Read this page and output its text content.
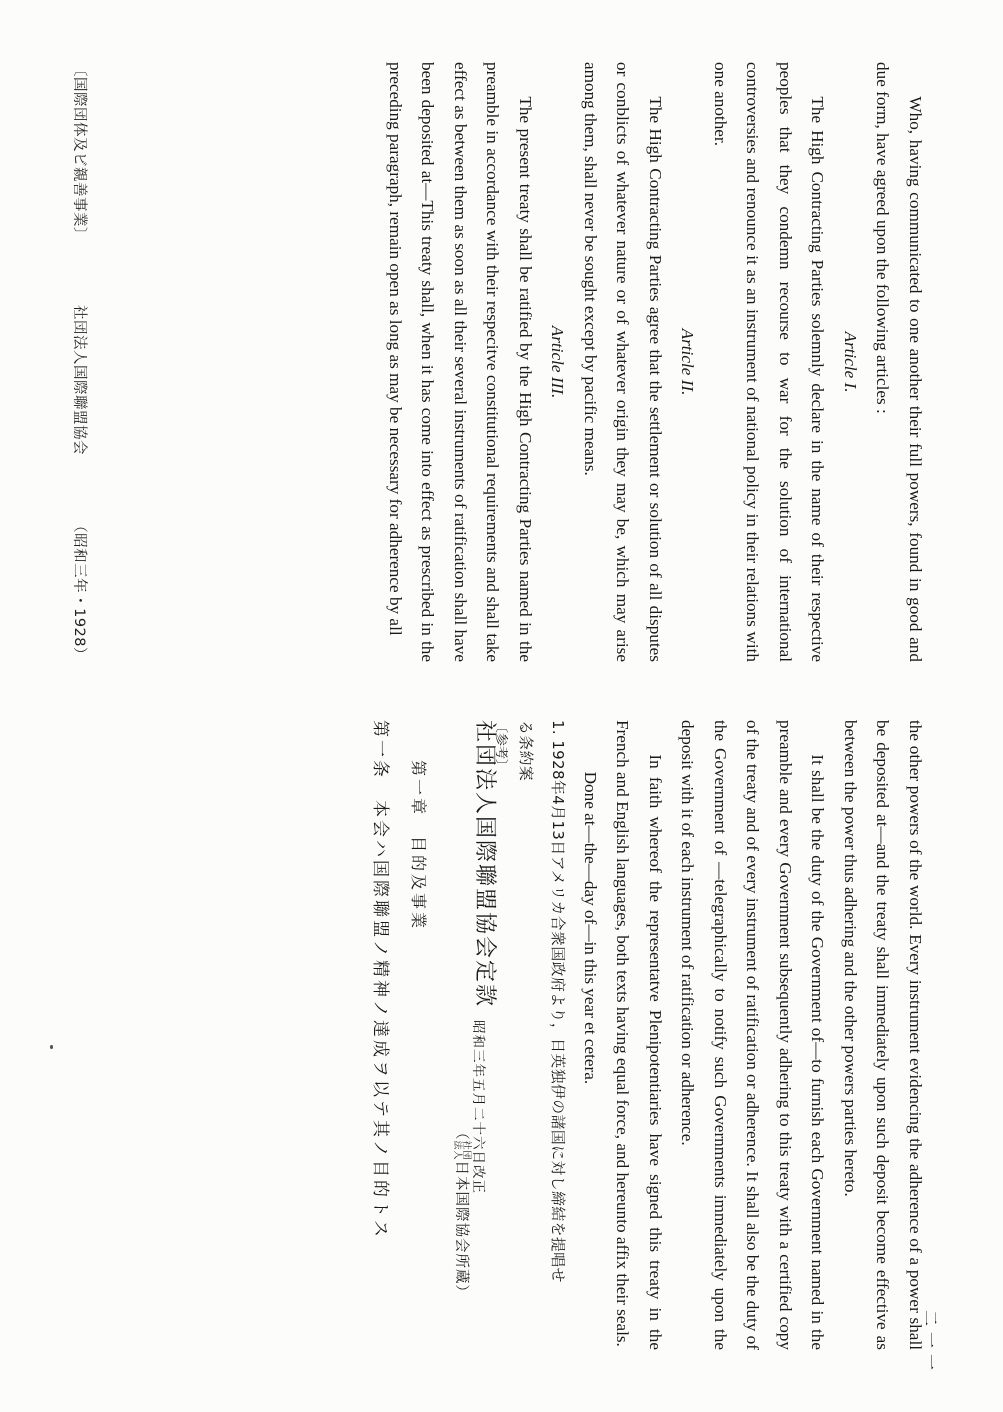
Who, having communicated to one another their full powers, found in good and due form, have agreed upon the following articles :

Article I.

The High Contracting Parties solemnly declare in the name of their respective peoples that they condemn recourse to war for the solution of international controversies and renounce it as an instrument of national policy in their relations with one another.

Article II.

The High Contracting Parties agree that the settlement or solution of all disputes or conblicts of whatever nature or of whatever origin they may be, which may arise among them, shall never be sought except by pacific means.

Article III.

The present treaty shall be ratified by the High Contracting Parties named in the preamble in accordance with their respecitve constitutional requirements and shall take effect as between them as soon as all their several instruments of ratification shall have been deposited at—This treaty shall, when it has come into effect as prescribed in the preceding paragraph, remain open as long as may be necessary for adherence by all

〔国際団体及ビ親善事業〕
社団法人国際聯盟協会
（昭和三年・1928）

the other powers of the world. Every instrument evidencing the adherence of a power shall be deposited at—and the treaty shall immediately upon such deposit become effective as between the power thus adhering and the other powers parties hereto.

It shall be the duty of the Government of—to furnish each Government named in the preamble and every Government subsequently adhering to this treaty with a certified copy of the treaty and of every instrument of ratification or adherence. It shall also be the duty of the Government of —telegraphically to notify such Governments immediately upon the deposit with it of each instrument of ratification or adherence.

In faith whereof the representatve Plenipotentiaries have signed this treaty in the French and English languages, both texts having equal force, and hereunto affix their seals.

Done at—the—day of—in this year et cetera.

1. 1928年4月13日アメリカ合衆国政府より，日英独伊の諸国に対し締結を提唱せ

る条約案

〔参考〕
社団法人国際聯盟協会定款
昭和三年五月二十六日改正
（社団
法人日本国際協会所蔵）

第一章　目的及事業

第一条　本会ハ国際聯盟ノ精神ノ達成ヲ以テ其ノ目的トス

二一一
